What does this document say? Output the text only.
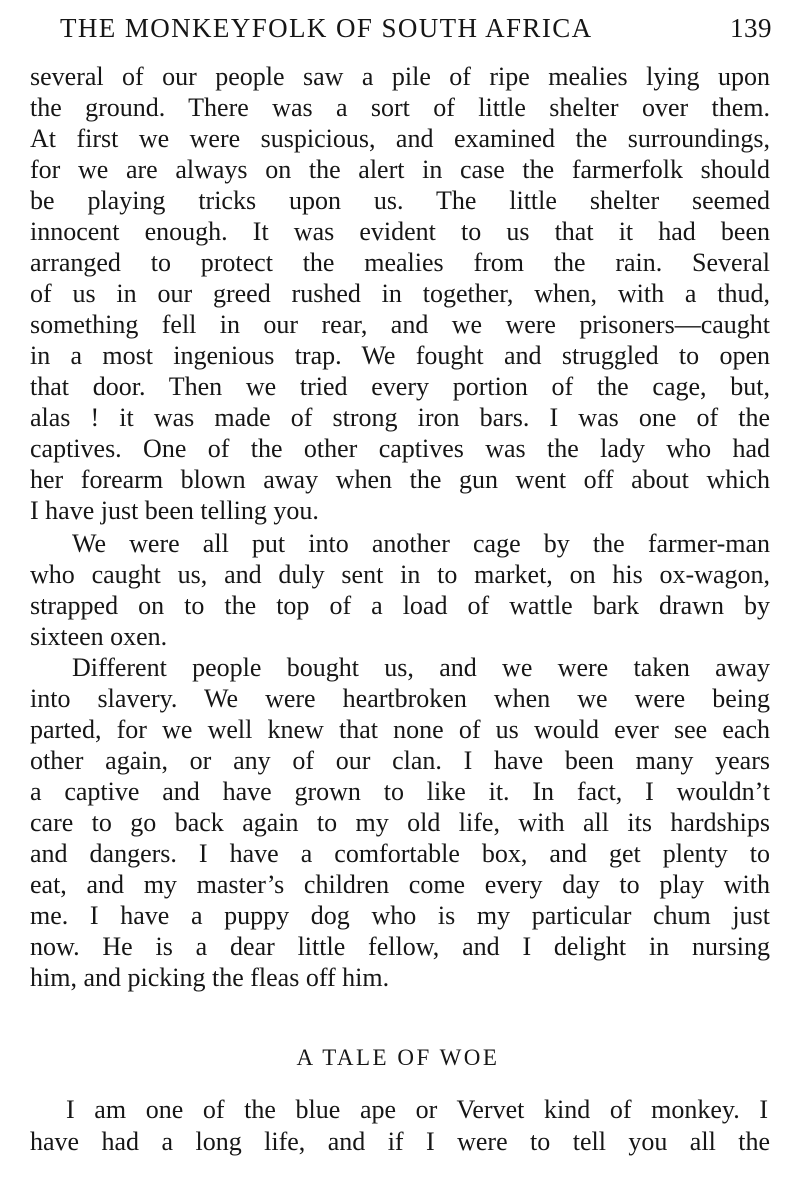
THE MONKEYFOLK OF SOUTH AFRICA	139
several of our people saw a pile of ripe mealies lying upon
the ground. There was a sort of little shelter over them.
At first we were suspicious, and examined the surroundings,
for we are always on the alert in case the farmerfolk should
be playing tricks upon us. The little shelter seemed
innocent enough. It was evident to us that it had been
arranged to protect the mealies from the rain. Several
of us in our greed rushed in together, when, with a thud,
something fell in our rear, and we were prisoners—caught
in a most ingenious trap. We fought and struggled to open
that door. Then we tried every portion of the cage, but,
alas ! it was made of strong iron bars. I was one of the
captives. One of the other captives was the lady who had
her forearm blown away when the gun went off about which
I have just been telling you.
We were all put into another cage by the farmer-man
who caught us, and duly sent in to market, on his ox-wagon,
strapped on to the top of a load of wattle bark drawn by
sixteen oxen.
Different people bought us, and we were taken away
into slavery. We were heartbroken when we were being
parted, for we well knew that none of us would ever see each
other again, or any of our clan. I have been many years
a captive and have grown to like it. In fact, I wouldn’t
care to go back again to my old life, with all its hardships
and dangers. I have a comfortable box, and get plenty to
eat, and my master’s children come every day to play with
me. I have a puppy dog who is my particular chum just
now. He is a dear little fellow, and I delight in nursing
him, and picking the fleas off him.
A TALE OF WOE
I am one of the blue ape or Vervet kind of monkey. I
have had a long life, and if I were to tell you all the
